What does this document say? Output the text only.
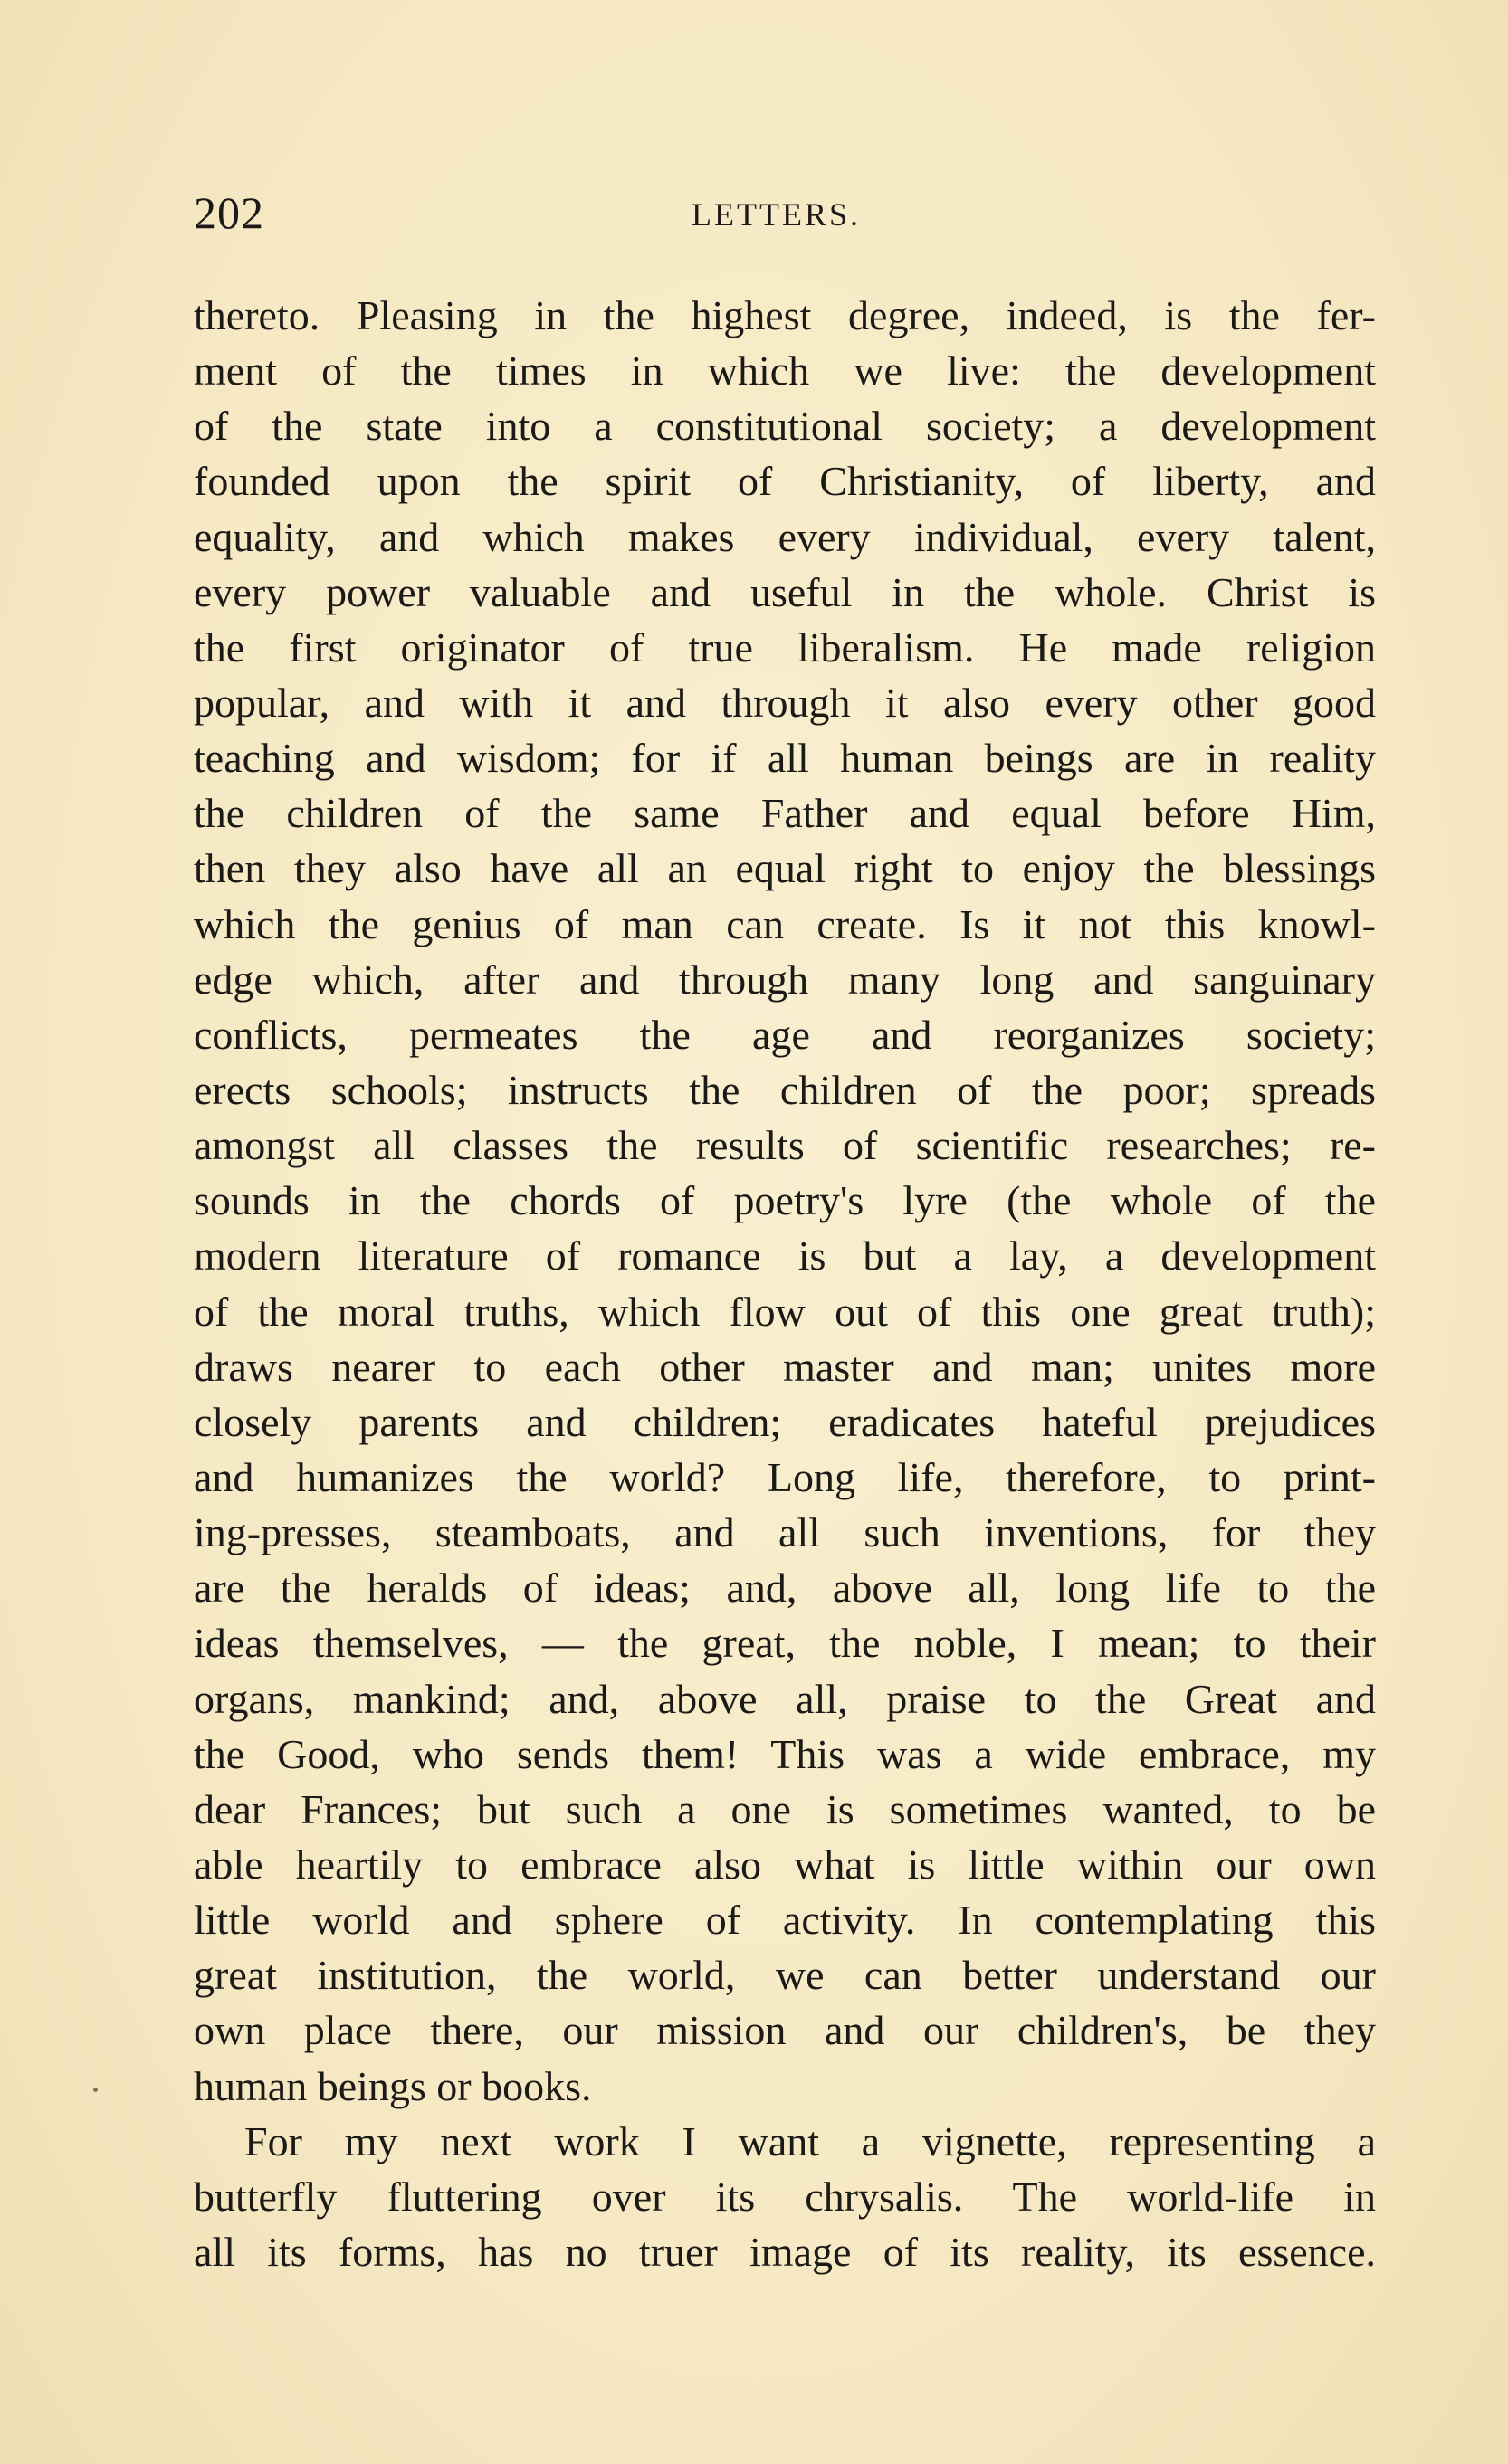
202	LETTERS.
thereto. Pleasing in the highest degree, indeed, is the fer-
ment of the times in which we live: the development
of the state into a constitutional society; a development
founded upon the spirit of Christianity, of liberty, and
equality, and which makes every individual, every talent,
every power valuable and useful in the whole. Christ is
the first originator of true liberalism. He made religion
popular, and with it and through it also every other good
teaching and wisdom; for if all human beings are in reality
the children of the same Father and equal before Him,
then they also have all an equal right to enjoy the blessings
which the genius of man can create. Is it not this knowl-
edge which, after and through many long and sanguinary
conflicts, permeates the age and reorganizes society;
erects schools; instructs the children of the poor; spreads
amongst all classes the results of scientific researches; re-
sounds in the chords of poetry's lyre (the whole of the
modern literature of romance is but a lay, a development
of the moral truths, which flow out of this one great truth);
draws nearer to each other master and man; unites more
closely parents and children; eradicates hateful prejudices
and humanizes the world? Long life, therefore, to print-
ing-presses, steamboats, and all such inventions, for they
are the heralds of ideas; and, above all, long life to the
ideas themselves, — the great, the noble, I mean; to their
organs, mankind; and, above all, praise to the Great and
the Good, who sends them! This was a wide embrace, my
dear Frances; but such a one is sometimes wanted, to be
able heartily to embrace also what is little within our own
little world and sphere of activity. In contemplating this
great institution, the world, we can better understand our
own place there, our mission and our children's, be they
human beings or books.
For my next work I want a vignette, representing a
butterfly fluttering over its chrysalis. The world-life in
all its forms, has no truer image of its reality, its essence.
